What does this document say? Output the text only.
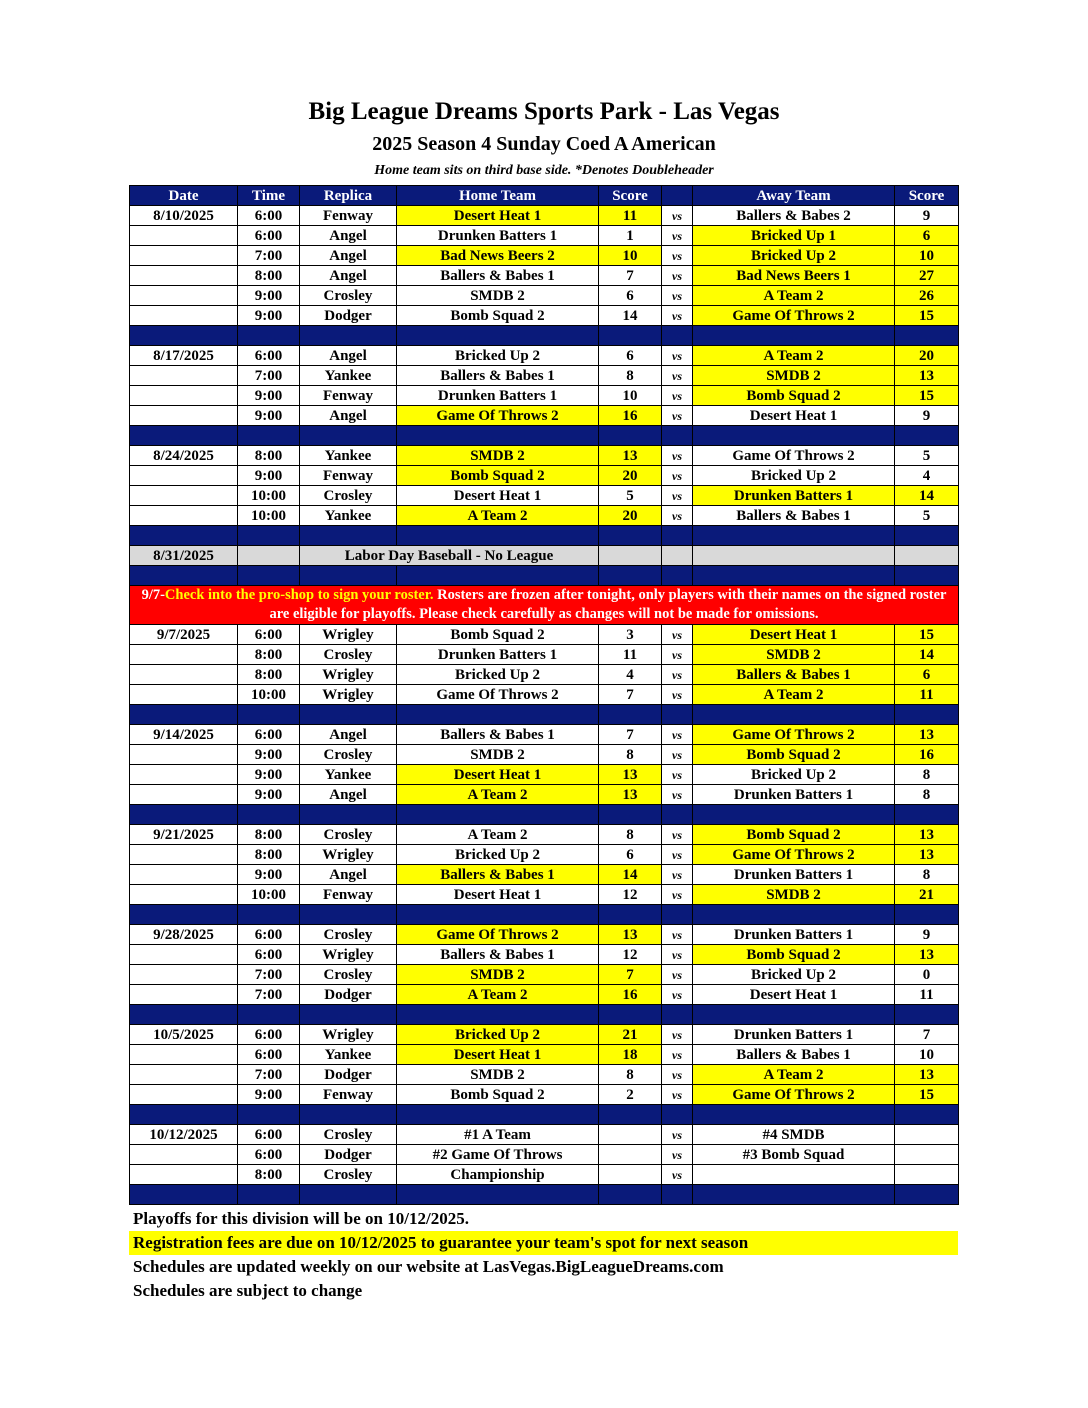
Big League Dreams Sports Park - Las Vegas
2025 Season 4 Sunday Coed A American
Home team sits on third base side. *Denotes Doubleheader
Date	Time	Replica	Home Team	Score		Away Team	Score
8/10/2025	6:00	Fenway	Desert Heat 1	11	vs	Ballers & Babes 2	9
	6:00	Angel	Drunken Batters 1	1	vs	Bricked Up 1	6
	7:00	Angel	Bad News Beers 2	10	vs	Bricked Up 2	10
	8:00	Angel	Ballers & Babes 1	7	vs	Bad News Beers 1	27
	9:00	Crosley	SMDB 2	6	vs	A Team 2	26
	9:00	Dodger	Bomb Squad 2	14	vs	Game Of Throws 2	15

8/17/2025	6:00	Angel	Bricked Up 2	6	vs	A Team 2	20
	7:00	Yankee	Ballers & Babes 1	8	vs	SMDB 2	13
	9:00	Fenway	Drunken Batters 1	10	vs	Bomb Squad 2	15
	9:00	Angel	Game Of Throws 2	16	vs	Desert Heat 1	9

8/24/2025	8:00	Yankee	SMDB 2	13	vs	Game Of Throws 2	5
	9:00	Fenway	Bomb Squad 2	20	vs	Bricked Up 2	4
	10:00	Crosley	Desert Heat 1	5	vs	Drunken Batters 1	14
	10:00	Yankee	A Team 2	20	vs	Ballers & Babes 1	5

8/31/2025		Labor Day Baseball - No League					

9/7-Check into the pro-shop to sign your roster. Rosters are frozen after tonight, only players with their names on the signed roster are eligible for playoffs. Please check carefully as changes will not be made for omissions.							
9/7/2025	6:00	Wrigley	Bomb Squad 2	3	vs	Desert Heat 1	15
	8:00	Crosley	Drunken Batters 1	11	vs	SMDB 2	14
	8:00	Wrigley	Bricked Up 2	4	vs	Ballers & Babes 1	6
	10:00	Wrigley	Game Of Throws 2	7	vs	A Team 2	11

9/14/2025	6:00	Angel	Ballers & Babes 1	7	vs	Game Of Throws 2	13
	9:00	Crosley	SMDB 2	8	vs	Bomb Squad 2	16
	9:00	Yankee	Desert Heat 1	13	vs	Bricked Up 2	8
	9:00	Angel	A Team 2	13	vs	Drunken Batters 1	8

9/21/2025	8:00	Crosley	A Team 2	8	vs	Bomb Squad 2	13
	8:00	Wrigley	Bricked Up 2	6	vs	Game Of Throws 2	13
	9:00	Angel	Ballers & Babes 1	14	vs	Drunken Batters 1	8
	10:00	Fenway	Desert Heat 1	12	vs	SMDB 2	21

9/28/2025	6:00	Crosley	Game Of Throws 2	13	vs	Drunken Batters 1	9
	6:00	Wrigley	Ballers & Babes 1	12	vs	Bomb Squad 2	13
	7:00	Crosley	SMDB 2	7	vs	Bricked Up 2	0
	7:00	Dodger	A Team 2	16	vs	Desert Heat 1	11

10/5/2025	6:00	Wrigley	Bricked Up 2	21	vs	Drunken Batters 1	7
	6:00	Yankee	Desert Heat 1	18	vs	Ballers & Babes 1	10
	7:00	Dodger	SMDB 2	8	vs	A Team 2	13
	9:00	Fenway	Bomb Squad 2	2	vs	Game Of Throws 2	15

10/12/2025	6:00	Crosley	#1 A Team		vs	#4 SMDB	
	6:00	Dodger	#2 Game Of Throws		vs	#3 Bomb Squad	
	8:00	Crosley	Championship		vs		

Playoffs for this division will be on 10/12/2025.
Registration fees are due on 10/12/2025 to guarantee your team's spot for next season
Schedules are updated weekly on our website at LasVegas.BigLeagueDreams.com
Schedules are subject to change
